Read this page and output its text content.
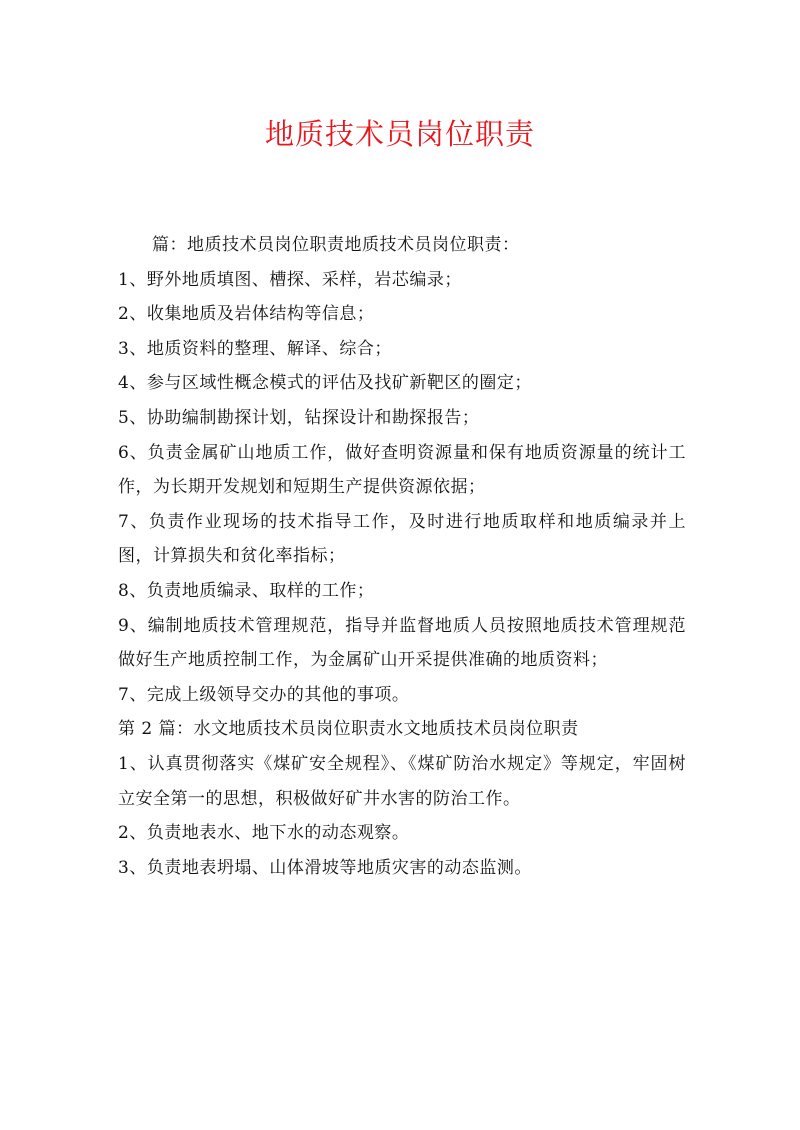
地质技术员岗位职责

篇：地质技术员岗位职责地质技术员岗位职责：

1、野外地质填图、槽探、采样，岩芯编录；

2、收集地质及岩体结构等信息；

3、地质资料的整理、解译、综合；

4、参与区域性概念模式的评估及找矿新靶区的圈定；

5、协助编制勘探计划，钻探设计和勘探报告；

6、负责金属矿山地质工作，做好查明资源量和保有地质资源量的统计工作，为长期开发规划和短期生产提供资源依据；

7、负责作业现场的技术指导工作，及时进行地质取样和地质编录并上图，计算损失和贫化率指标；

8、负责地质编录、取样的工作；

9、编制地质技术管理规范，指导并监督地质人员按照地质技术管理规范做好生产地质控制工作，为金属矿山开采提供准确的地质资料；

7、完成上级领导交办的其他的事项。

第 2 篇：水文地质技术员岗位职责水文地质技术员岗位职责

1、认真贯彻落实《煤矿安全规程》、《煤矿防治水规定》等规定，牢固树立安全第一的思想，积极做好矿井水害的防治工作。

2、负责地表水、地下水的动态观察。

3、负责地表坍塌、山体滑坡等地质灾害的动态监测。
